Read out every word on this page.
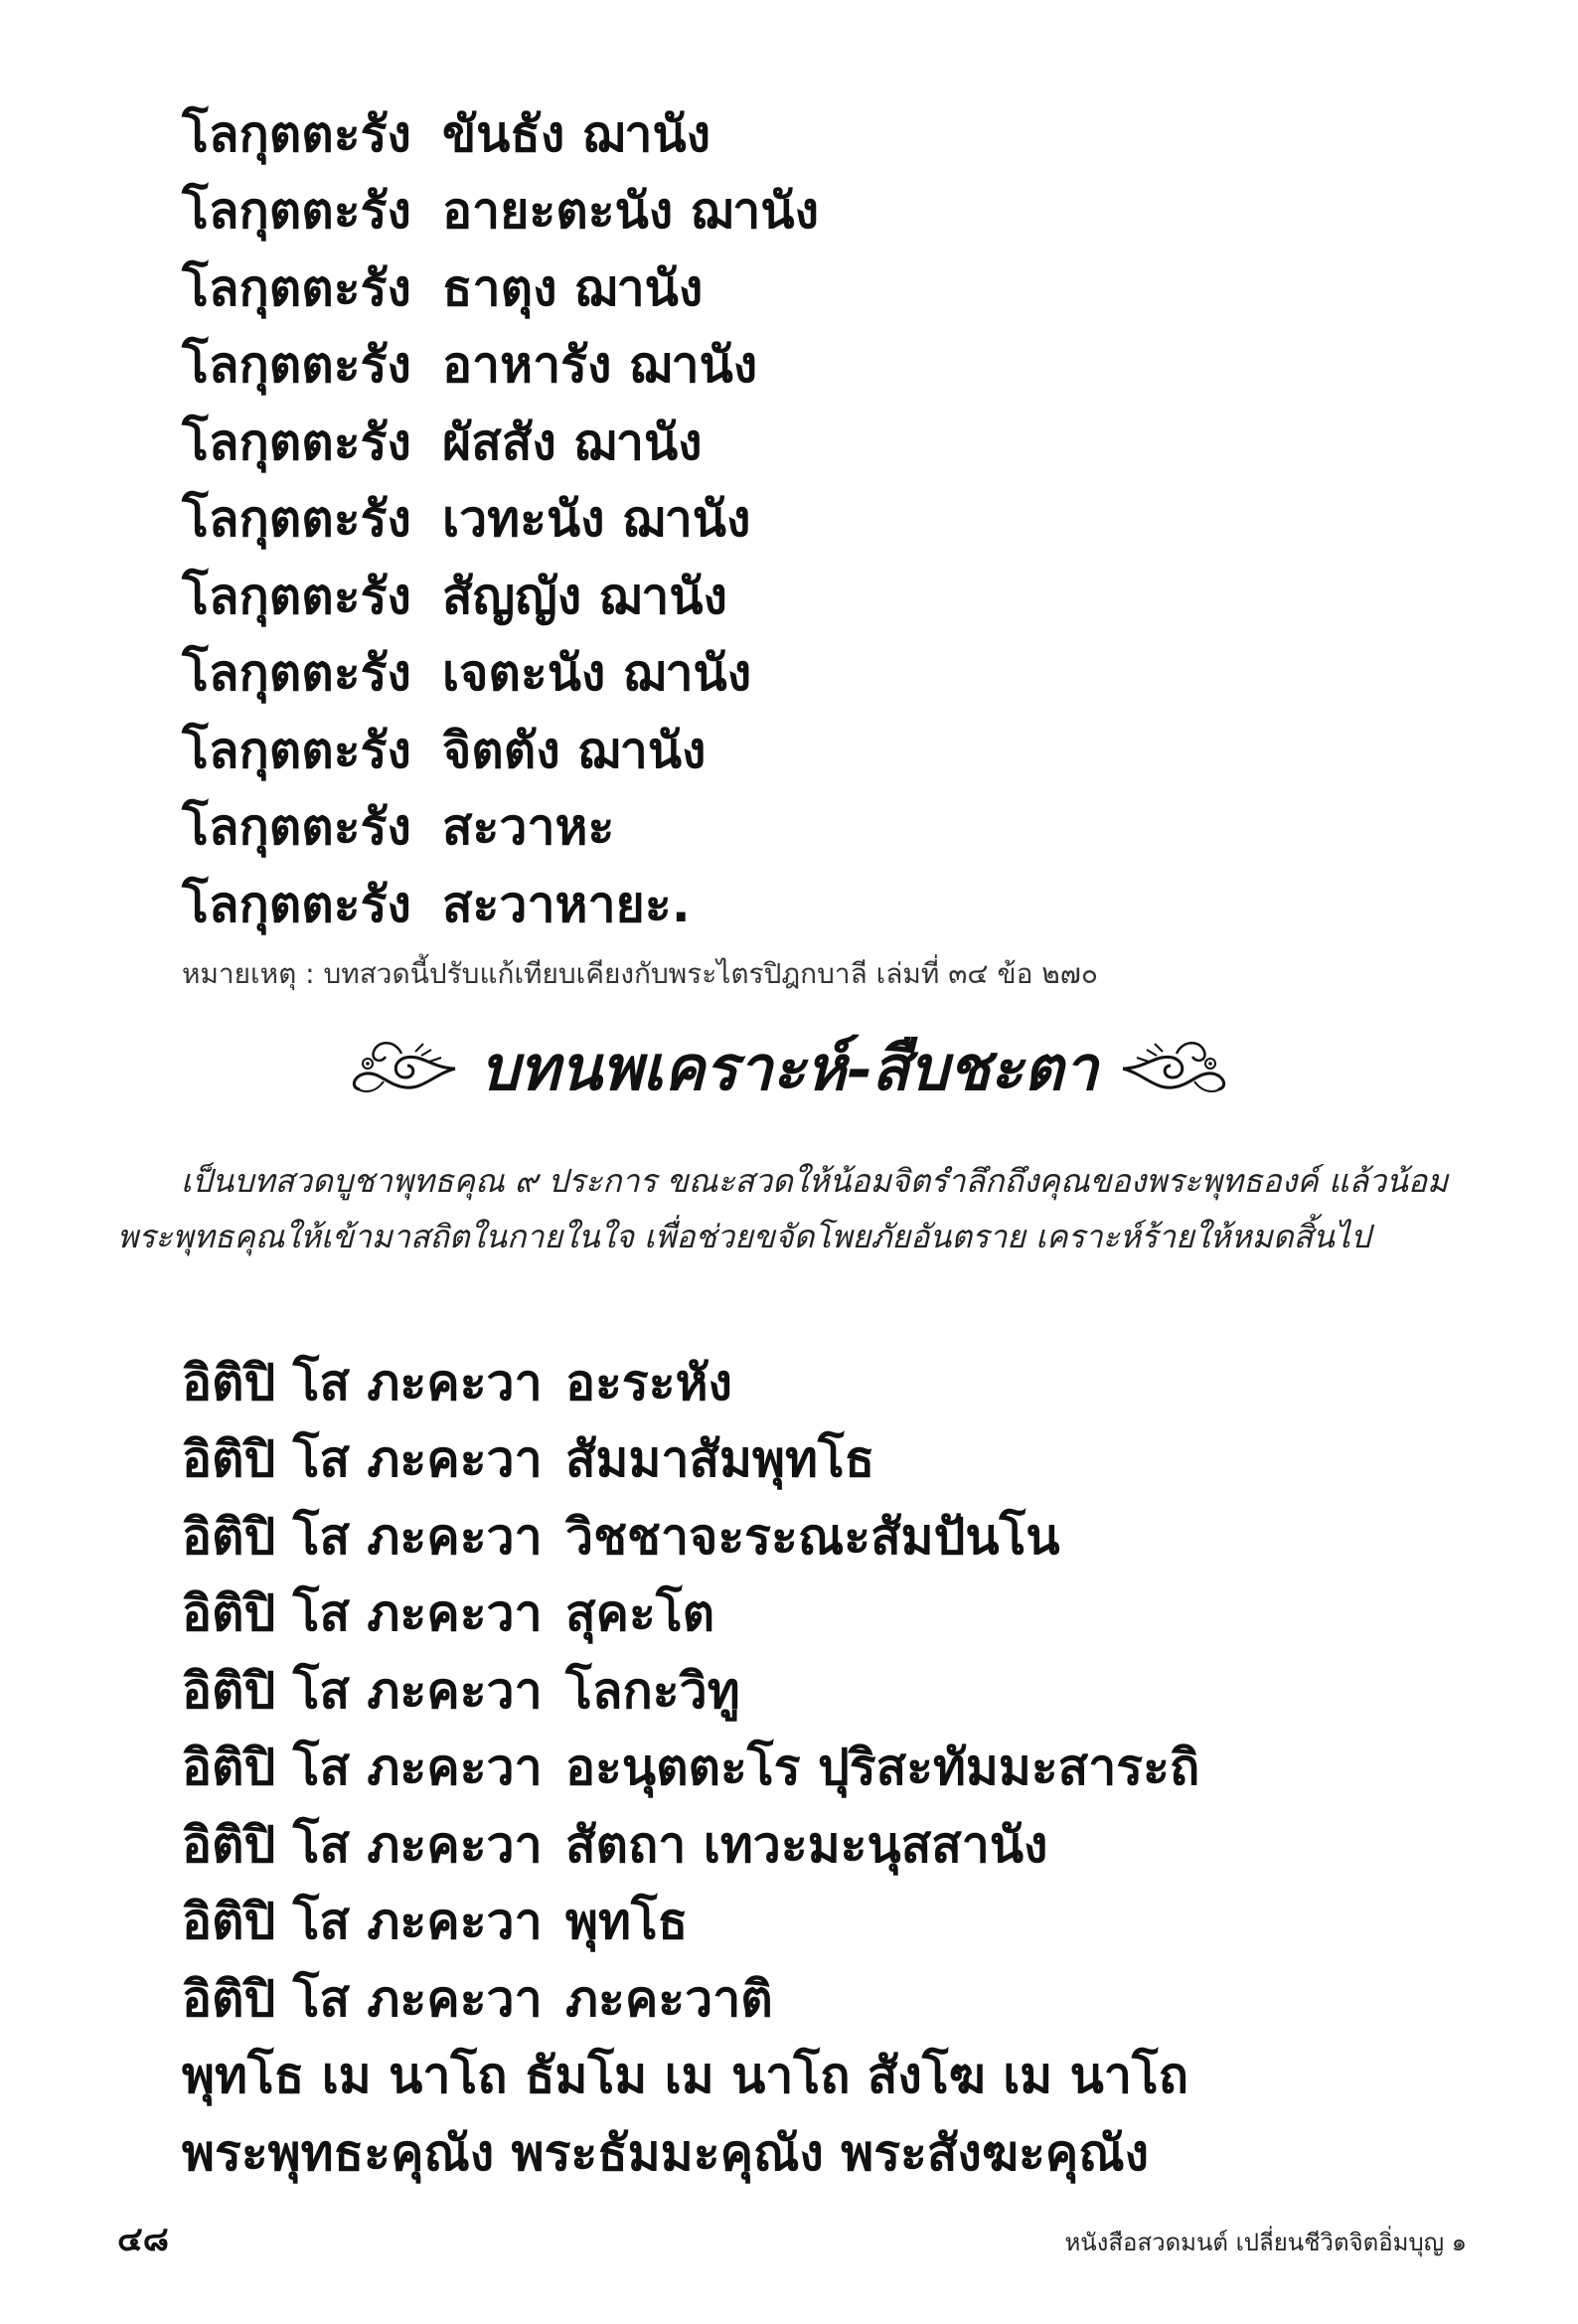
โลกุตตะรัง ขันธัง ฌานัง
โลกุตตะรัง อายะตะนัง ฌานัง
โลกุตตะรัง ธาตุง ฌานัง
โลกุตตะรัง อาหารัง ฌานัง
โลกุตตะรัง ผัสสัง ฌานัง
โลกุตตะรัง เวทะนัง ฌานัง
โลกุตตะรัง สัญญัง ฌานัง
โลกุตตะรัง เจตะนัง ฌานัง
โลกุตตะรัง จิตตัง ฌานัง
โลกุตตะรัง สะวาหะ
โลกุตตะรัง สะวาหายะ.
หมายเหตุ : บทสวดนี้ปรับแก้เทียบเคียงกับพระไตรปิฎกบาลี เล่มที่ ๓๔ ข้อ ๒๗๐
บทนพเคราะห์-สืบชะตา

เป็นบทสวดบูชาพุทธคุณ ๙ ประการ ขณะสวดให้น้อมจิตรำลึกถึงคุณของพระพุทธองค์ แล้วน้อมพระพุทธคุณให้เข้ามาสถิตในกายในใจ เพื่อช่วยขจัดโพยภัยอันตราย เคราะห์ร้ายให้หมดสิ้นไป

อิติปิ โส ภะคะวา อะระหัง
อิติปิ โส ภะคะวา สัมมาสัมพุทโธ
อิติปิ โส ภะคะวา วิชชาจะระณะสัมปันโน
อิติปิ โส ภะคะวา สุคะโต
อิติปิ โส ภะคะวา โลกะวิทู
อิติปิ โส ภะคะวา อะนุตตะโร ปุริสะทัมมะสาระถิ
อิติปิ โส ภะคะวา สัตถา เทวะมะนุสสานัง
อิติปิ โส ภะคะวา พุทโธ
อิติปิ โส ภะคะวา ภะคะวาติ
พุทโธ เม นาโถ ธัมโม เม นาโถ สังโฆ เม นาโถ
พระพุทธะคุณัง พระธัมมะคุณัง พระสังฆะคุณัง
๔๘	หนังสือสวดมนต์ เปลี่ยนชีวิตจิตอิ่มบุญ ๑
